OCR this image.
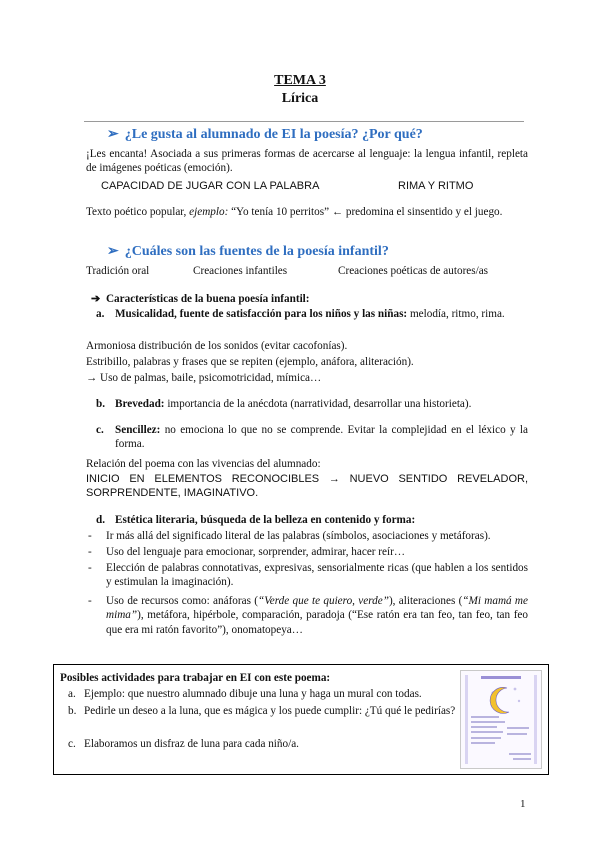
TEMA 3
Lírica
➢ ¿Le gusta al alumnado de EI la poesía? ¿Por qué?
¡Les encanta! Asociada a sus primeras formas de acercarse al lenguaje: la lengua infantil, repleta de imágenes poéticas (emoción).
CAPACIDAD DE JUGAR CON LA PALABRA	RIMA Y RITMO
Texto poético popular, ejemplo: “Yo tenía 10 perritos” ← predomina el sinsentido y el juego.
➢ ¿Cuáles son las fuentes de la poesía infantil?
Tradición oral	Creaciones infantiles	Creaciones poéticas de autores/as
➔ Características de la buena poesía infantil:
a. Musicalidad, fuente de satisfacción para los niños y las niñas: melodía, ritmo, rima.
Armoniosa distribución de los sonidos (evitar cacofonías).
Estribillo, palabras y frases que se repiten (ejemplo, anáfora, aliteración).
→ Uso de palmas, baile, psicomotricidad, mímica…
b. Brevedad: importancia de la anécdota (narratividad, desarrollar una historieta).
c. Sencillez: no emociona lo que no se comprende. Evitar la complejidad en el léxico y la forma.
Relación del poema con las vivencias del alumnado:
INICIO EN ELEMENTOS RECONOCIBLES → NUEVO SENTIDO REVELADOR, SORPRENDENTE, IMAGINATIVO.
d. Estética literaria, búsqueda de la belleza en contenido y forma:
- Ir más allá del significado literal de las palabras (símbolos, asociaciones y metáforas).
- Uso del lenguaje para emocionar, sorprender, admirar, hacer reír…
- Elección de palabras connotativas, expresivas, sensorialmente ricas (que hablen a los sentidos y estimulan la imaginación).
- Uso de recursos como: anáforas (“Verde que te quiero, verde”), aliteraciones (“Mi mamá me mima”), metáfora, hipérbole, comparación, paradoja (“Ese ratón era tan feo, tan feo, tan feo que era mi ratón favorito”), onomatopeya…
Posibles actividades para trabajar en EI con este poema:
a. Ejemplo: que nuestro alumnado dibuje una luna y haga un mural con todas.
b. Pedirle un deseo a la luna, que es mágica y los puede cumplir: ¿Tú qué le pedirías?
c. Elaboramos un disfraz de luna para cada niño/a.
1
